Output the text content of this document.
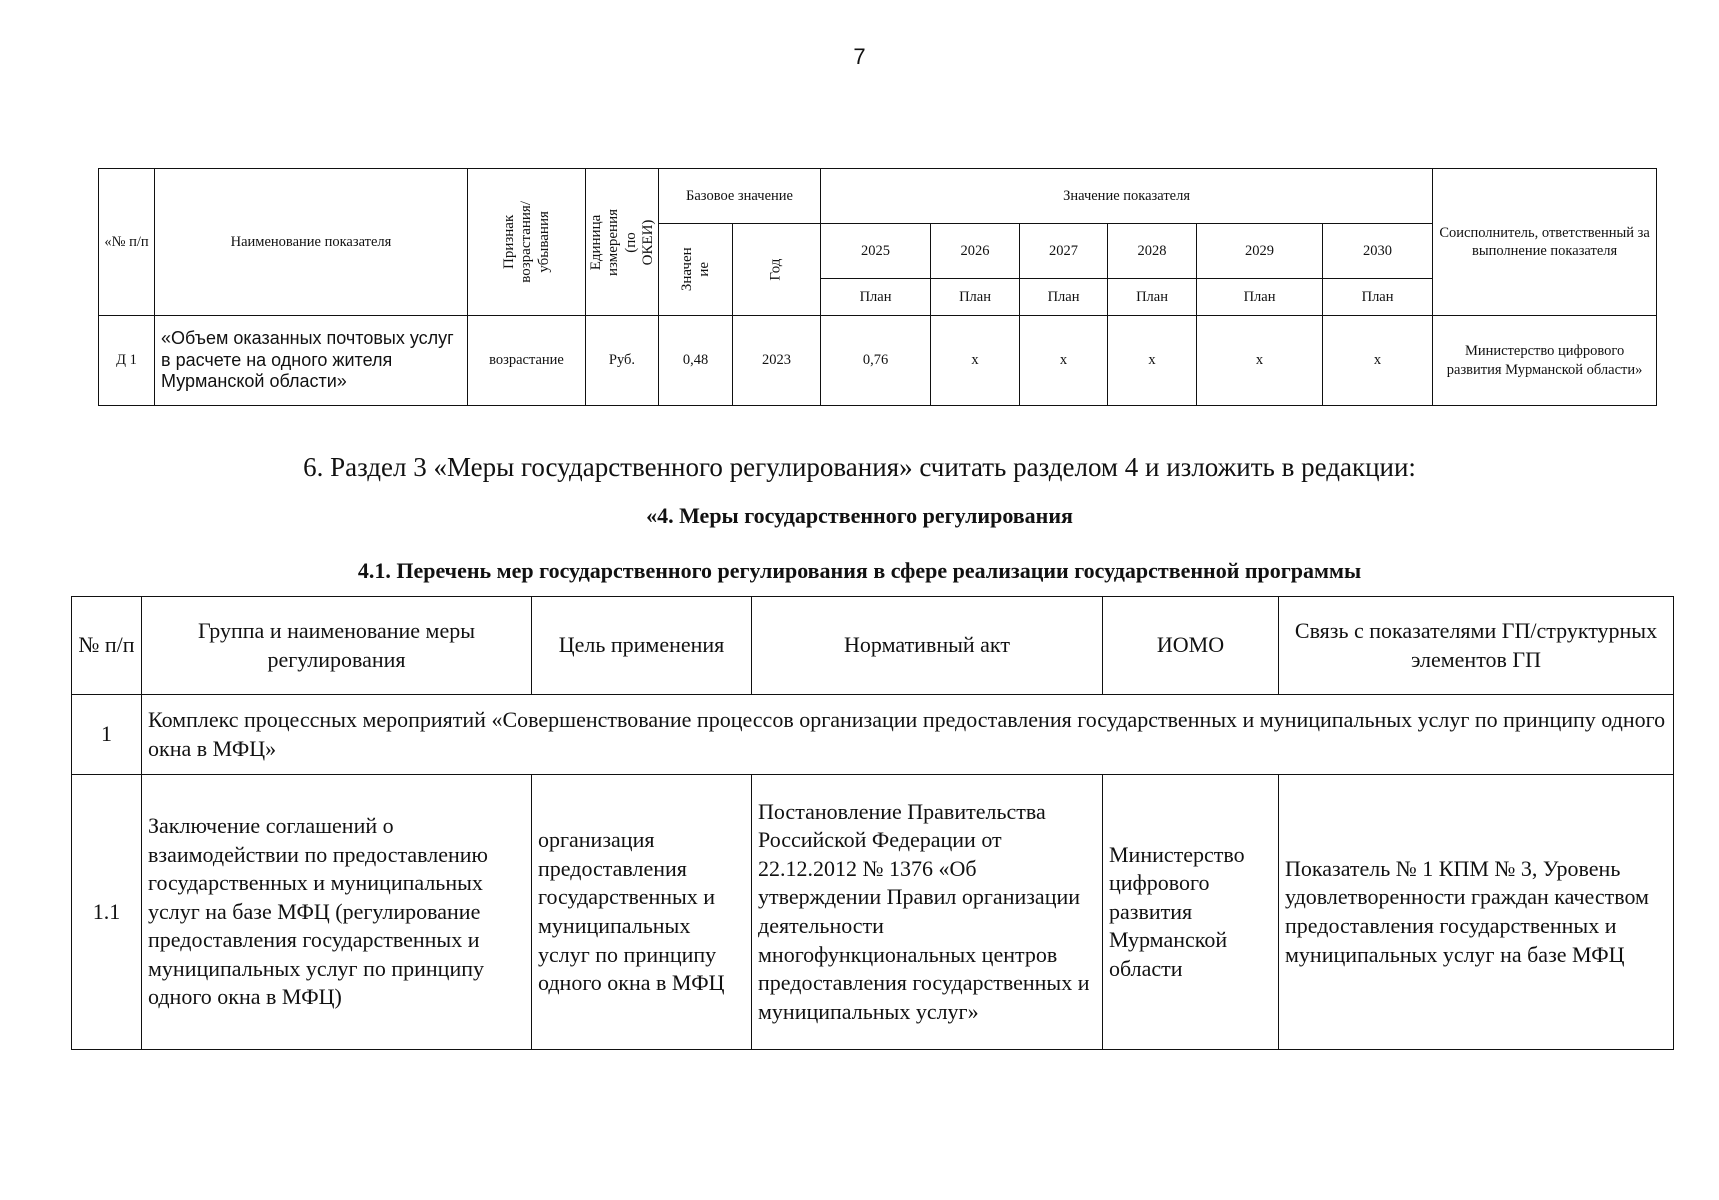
7
«№ п/п	Наименование показателя	Признак возрастания/ убывания	Единица измерения (по ОКЕИ)	Базовое значение		Значение показателя						Соисполнитель, ответственный за выполнение показателя

				Значен ие	Год	2025	2026	2027	2028	2029	2030	
						План	План	План	План	План	План	
Д 1	«Объем оказанных почтовых услуг в расчете на одного жителя Мурманской области»	возрастание	Руб.	0,48	2023	0,76	х	х	х	х	х	Министерство цифрового развития Мурманской области»
6. Раздел 3 «Меры государственного регулирования» считать разделом 4 и изложить в редакции:
«4. Меры государственного регулирования
4.1. Перечень мер государственного регулирования в сфере реализации государственной программы
№ п/п	Группа и наименование меры регулирования	Цель применения	Нормативный акт	ИОМО	Связь с показателями ГП/структурных элементов ГП
1	Комплекс процессных мероприятий «Совершенствование процессов организации предоставления государственных и муниципальных услуг по принципу одного окна в МФЦ»				
1.1	Заключение соглашений о взаимодействии по предоставлению государственных и муниципальных услуг на базе МФЦ (регулирование предоставления государственных и муниципальных услуг по принципу одного окна в МФЦ)	организация предоставления государственных и муниципальных услуг по принципу одного окна в МФЦ	Постановление Правительства Российской Федерации от 22.12.2012 № 1376 «Об утверждении Правил организации деятельности многофункциональных центров предоставления государственных и муниципальных услуг»	Министерство цифрового развития Мурманской области	Показатель № 1 КПМ № 3, Уровень удовлетворенности граждан качеством предоставления государственных и муниципальных услуг на базе МФЦ
